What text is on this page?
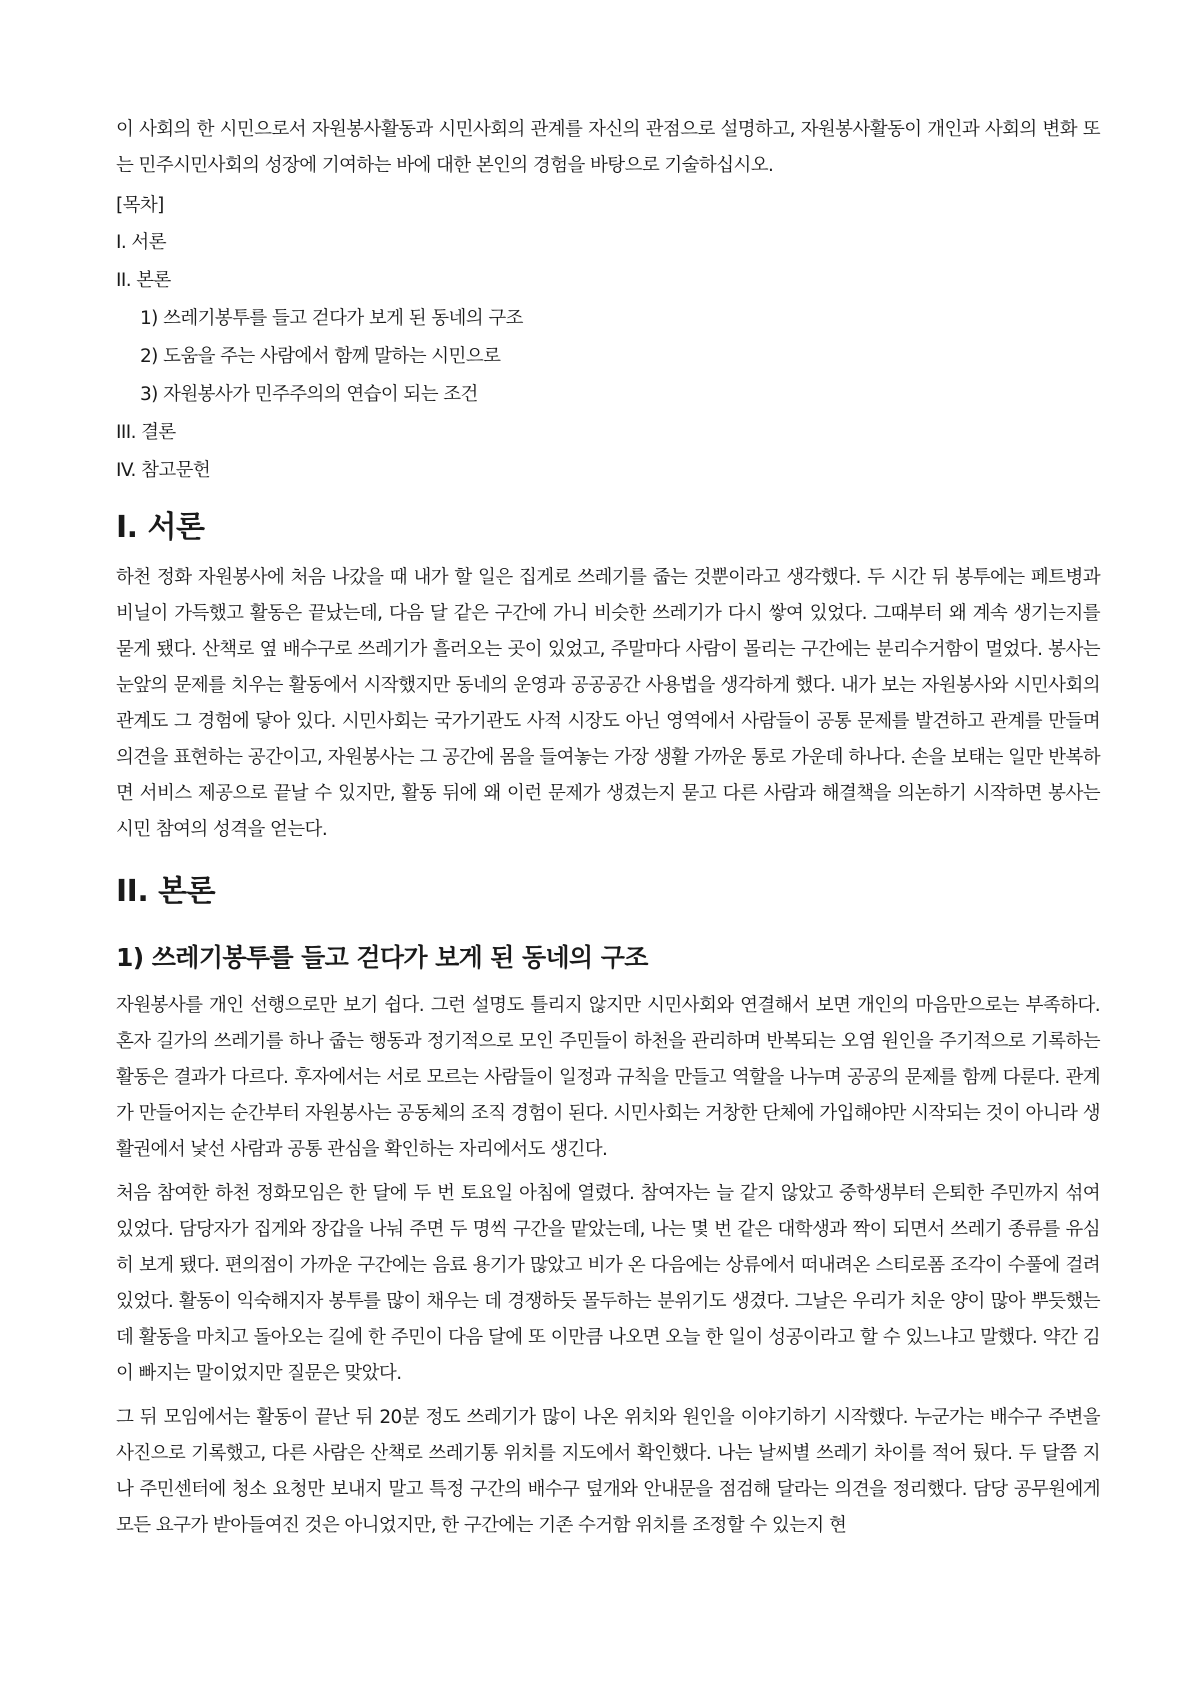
이 사회의 한 시민으로서 자원봉사활동과 시민사회의 관계를 자신의 관점으로 설명하고, 자원봉사활동이 개인과 사회의 변화 또는 민주시민사회의 성장에 기여하는 바에 대한 본인의 경험을 바탕으로 기술하십시오.

[목차]

I. 서론

II. 본론

1) 쓰레기봉투를 들고 걷다가 보게 된 동네의 구조

2) 도움을 주는 사람에서 함께 말하는 시민으로

3) 자원봉사가 민주주의의 연습이 되는 조건

III. 결론

IV. 참고문헌

I. 서론

하천 정화 자원봉사에 처음 나갔을 때 내가 할 일은 집게로 쓰레기를 줍는 것뿐이라고 생각했다. 두 시간 뒤 봉투에는 페트병과 비닐이 가득했고 활동은 끝났는데, 다음 달 같은 구간에 가니 비슷한 쓰레기가 다시 쌓여 있었다. 그때부터 왜 계속 생기는지를 묻게 됐다. 산책로 옆 배수구로 쓰레기가 흘러오는 곳이 있었고, 주말마다 사람이 몰리는 구간에는 분리수거함이 멀었다. 봉사는 눈앞의 문제를 치우는 활동에서 시작했지만 동네의 운영과 공공공간 사용법을 생각하게 했다. 내가 보는 자원봉사와 시민사회의 관계도 그 경험에 닿아 있다. 시민사회는 국가기관도 사적 시장도 아닌 영역에서 사람들이 공통 문제를 발견하고 관계를 만들며 의견을 표현하는 공간이고, 자원봉사는 그 공간에 몸을 들여놓는 가장 생활 가까운 통로 가운데 하나다. 손을 보태는 일만 반복하면 서비스 제공으로 끝날 수 있지만, 활동 뒤에 왜 이런 문제가 생겼는지 묻고 다른 사람과 해결책을 의논하기 시작하면 봉사는 시민 참여의 성격을 얻는다.

II. 본론
1) 쓰레기봉투를 들고 걷다가 보게 된 동네의 구조

자원봉사를 개인 선행으로만 보기 쉽다. 그런 설명도 틀리지 않지만 시민사회와 연결해서 보면 개인의 마음만으로는 부족하다. 혼자 길가의 쓰레기를 하나 줍는 행동과 정기적으로 모인 주민들이 하천을 관리하며 반복되는 오염 원인을 주기적으로 기록하는 활동은 결과가 다르다. 후자에서는 서로 모르는 사람들이 일정과 규칙을 만들고 역할을 나누며 공공의 문제를 함께 다룬다. 관계가 만들어지는 순간부터 자원봉사는 공동체의 조직 경험이 된다. 시민사회는 거창한 단체에 가입해야만 시작되는 것이 아니라 생활권에서 낯선 사람과 공통 관심을 확인하는 자리에서도 생긴다.

처음 참여한 하천 정화모임은 한 달에 두 번 토요일 아침에 열렸다. 참여자는 늘 같지 않았고 중학생부터 은퇴한 주민까지 섞여 있었다. 담당자가 집게와 장갑을 나눠 주면 두 명씩 구간을 맡았는데, 나는 몇 번 같은 대학생과 짝이 되면서 쓰레기 종류를 유심히 보게 됐다. 편의점이 가까운 구간에는 음료 용기가 많았고 비가 온 다음에는 상류에서 떠내려온 스티로폼 조각이 수풀에 걸려 있었다. 활동이 익숙해지자 봉투를 많이 채우는 데 경쟁하듯 몰두하는 분위기도 생겼다. 그날은 우리가 치운 양이 많아 뿌듯했는데 활동을 마치고 돌아오는 길에 한 주민이 다음 달에 또 이만큼 나오면 오늘 한 일이 성공이라고 할 수 있느냐고 말했다. 약간 김이 빠지는 말이었지만 질문은 맞았다.

그 뒤 모임에서는 활동이 끝난 뒤 20분 정도 쓰레기가 많이 나온 위치와 원인을 이야기하기 시작했다. 누군가는 배수구 주변을 사진으로 기록했고, 다른 사람은 산책로 쓰레기통 위치를 지도에서 확인했다. 나는 날씨별 쓰레기 차이를 적어 뒀다. 두 달쯤 지나 주민센터에 청소 요청만 보내지 말고 특정 구간의 배수구 덮개와 안내문을 점검해 달라는 의견을 정리했다. 담당 공무원에게 모든 요구가 받아들여진 것은 아니었지만, 한 구간에는 기존 수거함 위치를 조정할 수 있는지 현
